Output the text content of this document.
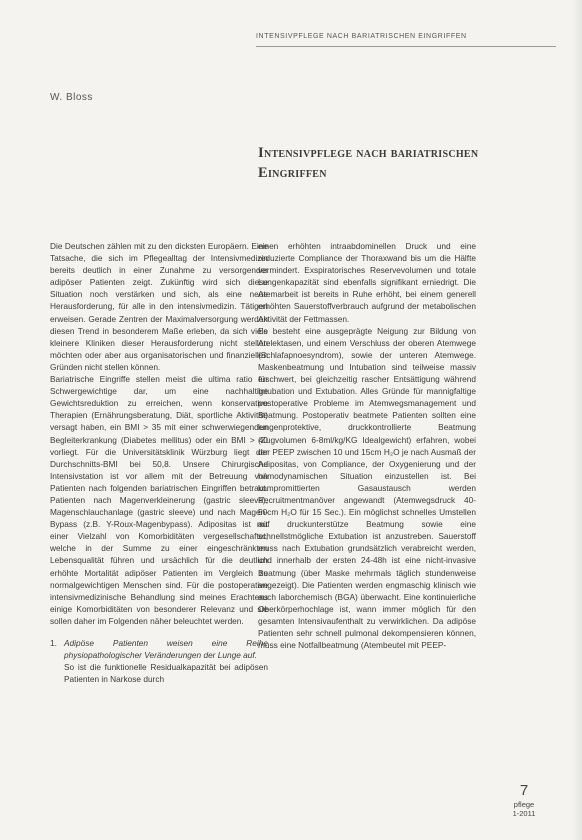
INTENSIVPFLEGE NACH BARIATRISCHEN EINGRIFFEN
W. Bloss
Intensivpflege nach bariatrischen
Eingriffen

Die Deutschen zählen mit zu den dicksten Europäern. Eine Tatsache, die sich im Pflegealltag der Intensivmedizin bereits deutlich in einer Zunahme zu versorgender adipöser Patienten zeigt. Zukünftig wird sich diese Situation noch verstärken und sich, als eine neue Herausforderung, für alle in den intensivmedizin. Tätigen erweisen. Gerade Zentren der Maximalversorgung werden diesen Trend in besonderem Maße erleben, da sich viele kleinere Kliniken dieser Herausforderung nicht stellen möchten oder aber aus organisatorischen und finanziellen Gründen nicht stellen können.

Bariatrische Eingriffe stellen meist die ultima ratio für Schwergewichtige dar, um eine nachhaltige Gewichtsreduktion zu erreichen, wenn konservative Therapien (Ernährungsberatung, Diät, sportliche Aktivität) versagt haben, ein BMI > 35 mit einer schwerwiegenden Begleiterkrankung (Diabetes mellitus) oder ein BMI > 40 vorliegt. Für die Universitätsklinik Würzburg liegt der Durchschnitts-BMI bei 50,8. Unsere Chirurgische Intensivstation ist vor allem mit der Betreuung von Patienten nach folgenden bariatrischen Eingriffen betraut. Patienten nach Magenverkleinerung (gastric sleeve), Magenschlauchanlage (gastric sleeve) und nach Magen-Bypass (z.B. Y-Roux-Magenbypass). Adipositas ist mit einer Vielzahl von Komorbiditäten vergesellschaftet, welche in der Summe zu einer eingeschränkten Lebensqualität führen und ursächlich für die deutlich erhöhte Mortalität adipöser Patienten im Vergleich zu normalgewichtigen Menschen sind. Für die postoperative intensivmedizinische Behandlung sind meines Erachtens einige Komorbiditäten von besonderer Relevanz und sie sollen daher im Folgenden näher beleuchtet werden.

1. Adipöse Patienten weisen eine Reihe physiopathologischer Veränderungen der Lunge auf.
So ist die funktionelle Residualkapazität bei adipösen Patienten in Narkose durch

einen erhöhten intraabdominellen Druck und eine reduzierte Compliance der Thoraxwand bis um die Hälfte vermindert. Exspiratorisches Reservevolumen und totale Lungenkapazität sind ebenfalls signifikant erniedrigt. Die Atemarbeit ist bereits in Ruhe erhöht, bei einem generell erhöhten Sauerstoffverbrauch aufgrund der metabolischen Aktivität der Fettmassen.

Es besteht eine ausgeprägte Neigung zur Bildung von Atelektasen, und einem Verschluss der oberen Atemwege (Schlafapnoesyndrom), sowie der unteren Atemwege. Maskenbeatmung und Intubation sind teilweise massiv erschwert, bei gleichzeitig rascher Entsättigung während Intubation und Extubation. Alles Gründe für mannigfaltige postoperative Probleme im Atemwegsmanagement und Beatmung. Postoperativ beatmete Patienten sollten eine lungenprotektive, druckkontrollierte Beatmung (Zugvolumen 6-8ml/kg/KG Idealgewicht) erfahren, wobei der PEEP zwischen 10 und 15cm H₂O je nach Ausmaß der Adipositas, von Compliance, der Oxygenierung und der hämodynamischen Situation einzustellen ist. Bei kompromittierten Gasaustausch werden Recruitmentmanöver angewandt (Atemwegsdruck 40-50cm H₂O für 15 Sec.). Ein möglichst schnelles Umstellen auf druckunterstütze Beatmung sowie eine schnellstmögliche Extubation ist anzustreben. Sauerstoff muss nach Extubation grundsätzlich verabreicht werden, und innerhalb der ersten 24-48h ist eine nicht-invasive Beatmung (über Maske mehrmals täglich stundenweise angezeigt). Die Patienten werden engmaschig klinisch wie auch laborchemisch (BGA) überwacht. Eine kontinuierliche Oberkörperhochlage ist, wann immer möglich für den gesamten Intensivaufenthalt zu verwirklichen. Da adipöse Patienten sehr schnell pulmonal dekompensieren können, muss eine Notfallbeatmung (Atembeutel mit PEEP-

7
pflege
1-2011
